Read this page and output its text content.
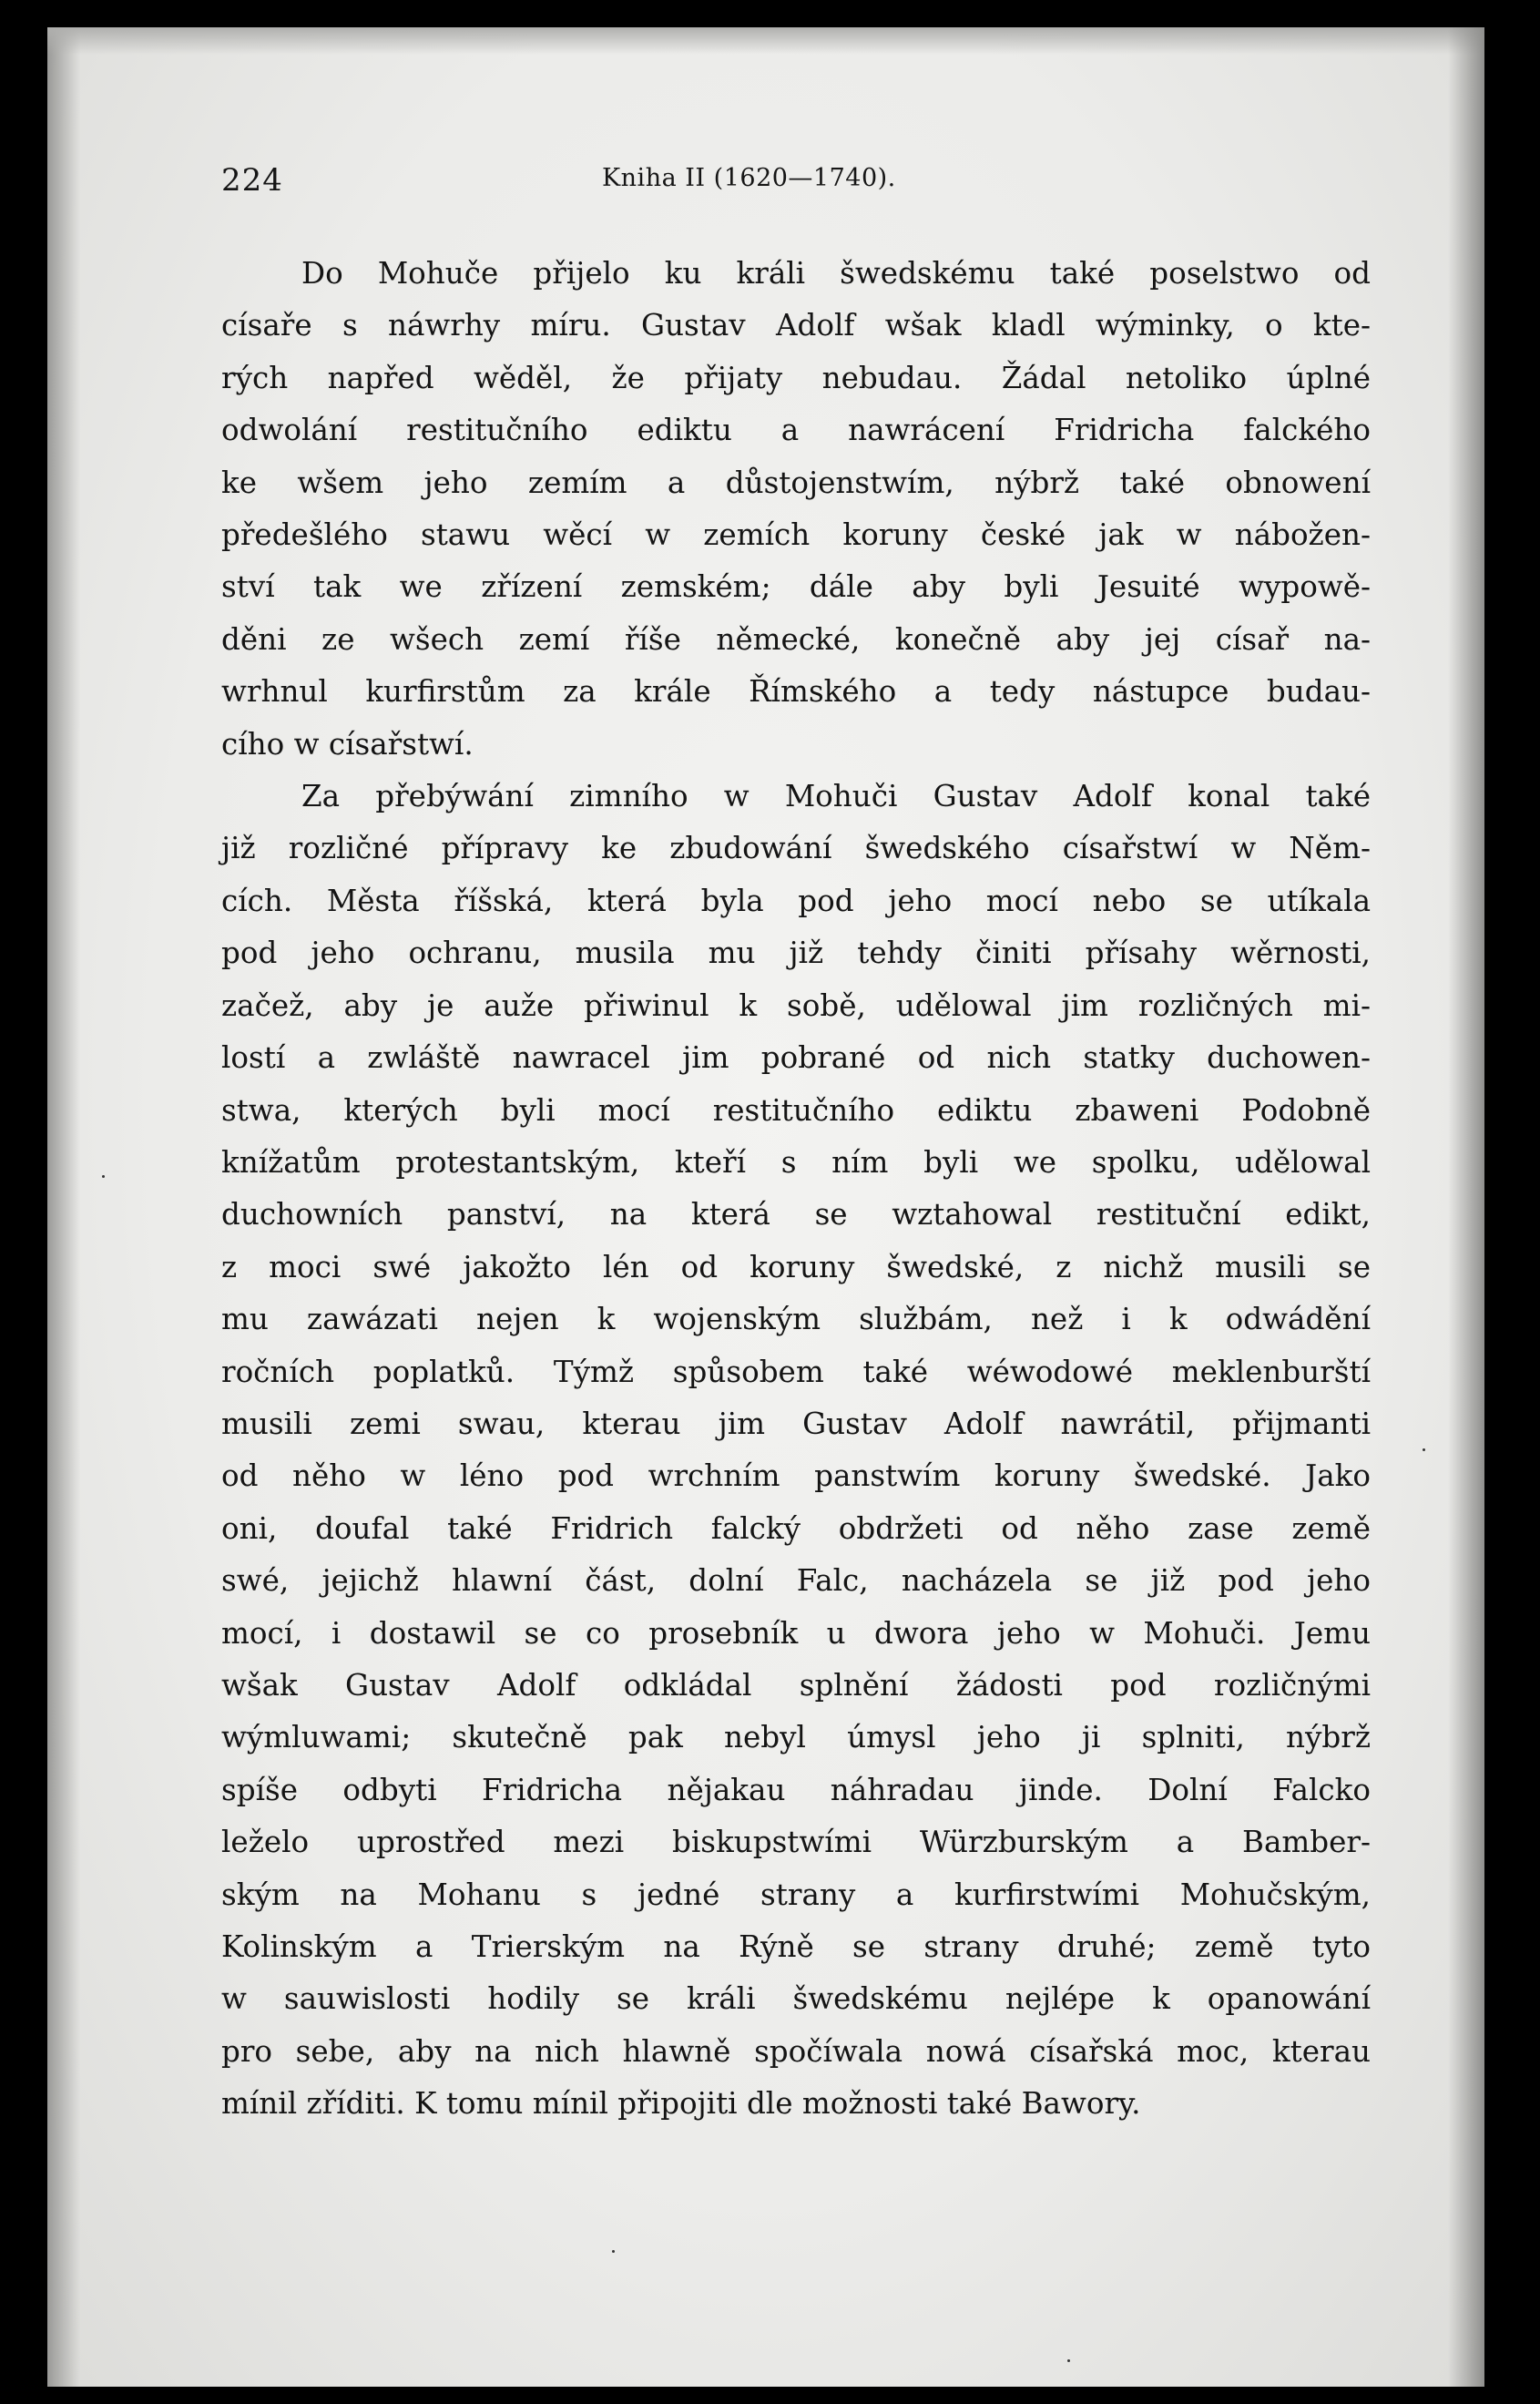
224	Kniha II (1620—1740).

Do Mohuče přijelo ku králi šwedskému také poselstwo od
císaře s náwrhy míru. Gustav Adolf wšak kladl wýminky, o kte-
rých napřed wěděl, že přijaty nebudau. Žádal netoliko úplné
odwolání restitučního ediktu a nawrácení Fridricha falckého
ke wšem jeho zemím a důstojenstwím, nýbrž také obnowení
předešlého stawu wěcí w zemích koruny české jak w nábožen-
ství tak we zřízení zemském; dále aby byli Jesuité wypowě-
děni ze wšech zemí říše německé, konečně aby jej císař na-
wrhnul kurfirstům za krále Římského a tedy nástupce budau-
cího w císařstwí.

Za přebýwání zimního w Mohuči Gustav Adolf konal také
již rozličné přípravy ke zbudowání šwedského císařstwí w Něm-
cích. Města říšská, která byla pod jeho mocí nebo se utíkala
pod jeho ochranu, musila mu již tehdy činiti přísahy wěrnosti,
začež, aby je auže přiwinul k sobě, udělowal jim rozličných mi-
lostí a zwláště nawracel jim pobrané od nich statky duchowen-
stwa, kterých byli mocí restitučního ediktu zbaweni Podobně
knížatům protestantským, kteří s ním byli we spolku, udělowal
duchowních panství, na která se wztahowal restituční edikt,
z moci swé jakožto lén od koruny šwedské, z nichž musili se
mu zawázati nejen k wojenským službám, než i k odwádění
ročních poplatků. Týmž spůsobem také wéwodowé meklenburští
musili zemi swau, kterau jim Gustav Adolf nawrátil, přijmanti
od něho w léno pod wrchním panstwím koruny šwedské. Jako
oni, doufal také Fridrich falcký obdržeti od něho zase země
swé, jejichž hlawní část, dolní Falc, nacházela se již pod jeho
mocí, i dostawil se co prosebník u dwora jeho w Mohuči. Jemu
wšak Gustav Adolf odkládal splnění žádosti pod rozličnými
wýmluwami; skutečně pak nebyl úmysl jeho ji splniti, nýbrž
spíše odbyti Fridricha nějakau náhradau jinde. Dolní Falcko
leželo uprostřed mezi biskupstwími Würzburským a Bamber-
ským na Mohanu s jedné strany a kurfirstwími Mohučským,
Kolinským a Trierským na Rýně se strany druhé; země tyto
w sauwislosti hodily se králi šwedskému nejlépe k opanowání
pro sebe, aby na nich hlawně spočíwala nowá císařská moc, kterau
mínil zříditi. K tomu mínil připojiti dle možnosti také Bawory.
